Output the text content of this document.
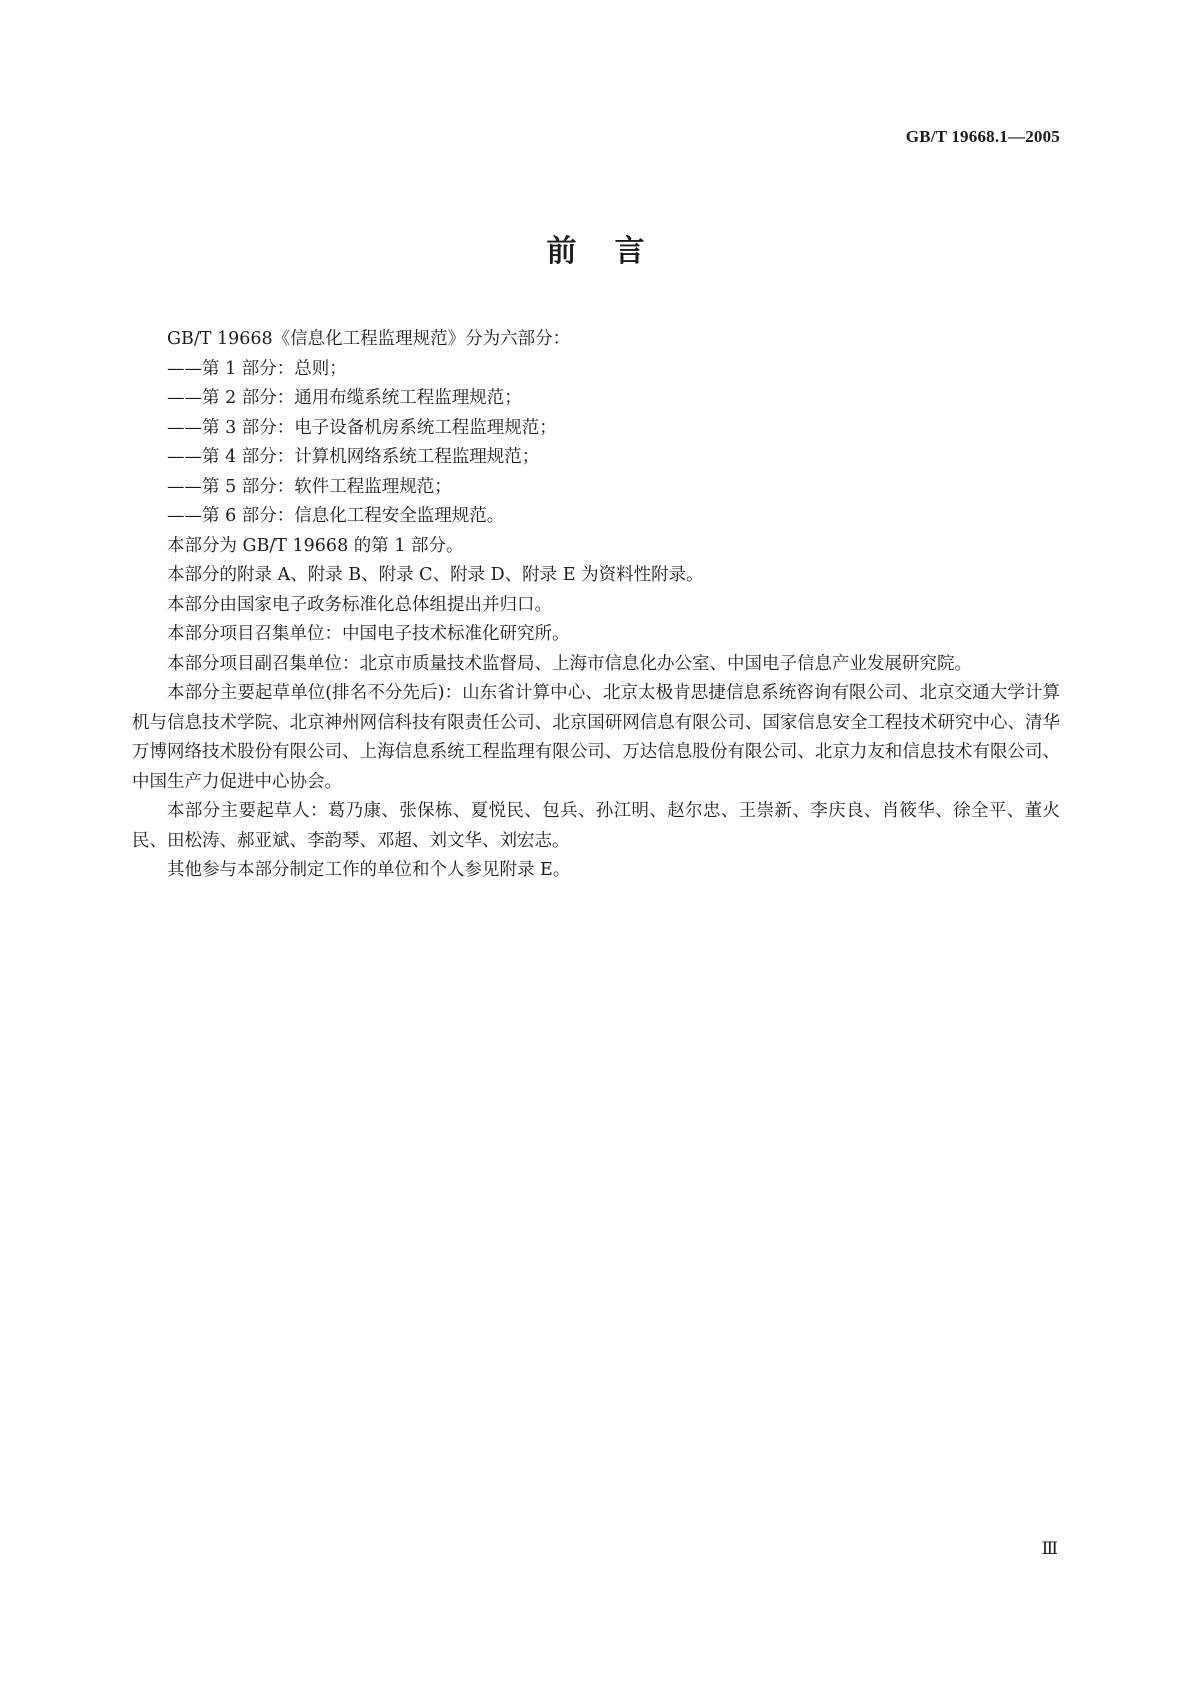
GB/T 19668.1—2005
前言

GB/T 19668《信息化工程监理规范》分为六部分：

——第 1 部分：总则；

——第 2 部分：通用布缆系统工程监理规范；

——第 3 部分：电子设备机房系统工程监理规范；

——第 4 部分：计算机网络系统工程监理规范；

——第 5 部分：软件工程监理规范；

——第 6 部分：信息化工程安全监理规范。

本部分为 GB/T 19668 的第 1 部分。

本部分的附录 A、附录 B、附录 C、附录 D、附录 E 为资料性附录。

本部分由国家电子政务标准化总体组提出并归口。

本部分项目召集单位：中国电子技术标准化研究所。

本部分项目副召集单位：北京市质量技术监督局、上海市信息化办公室、中国电子信息产业发展研究院。

本部分主要起草单位(排名不分先后)：山东省计算中心、北京太极肯思捷信息系统咨询有限公司、北京交通大学计算机与信息技术学院、北京神州网信科技有限责任公司、北京国研网信息有限公司、国家信息安全工程技术研究中心、清华万博网络技术股份有限公司、上海信息系统工程监理有限公司、万达信息股份有限公司、北京力友和信息技术有限公司、中国生产力促进中心协会。

本部分主要起草人：葛乃康、张保栋、夏悦民、包兵、孙江明、赵尔忠、王崇新、李庆良、肖筱华、徐全平、董火民、田松涛、郝亚斌、李韵琴、邓超、刘文华、刘宏志。

其他参与本部分制定工作的单位和个人参见附录 E。

Ⅲ
